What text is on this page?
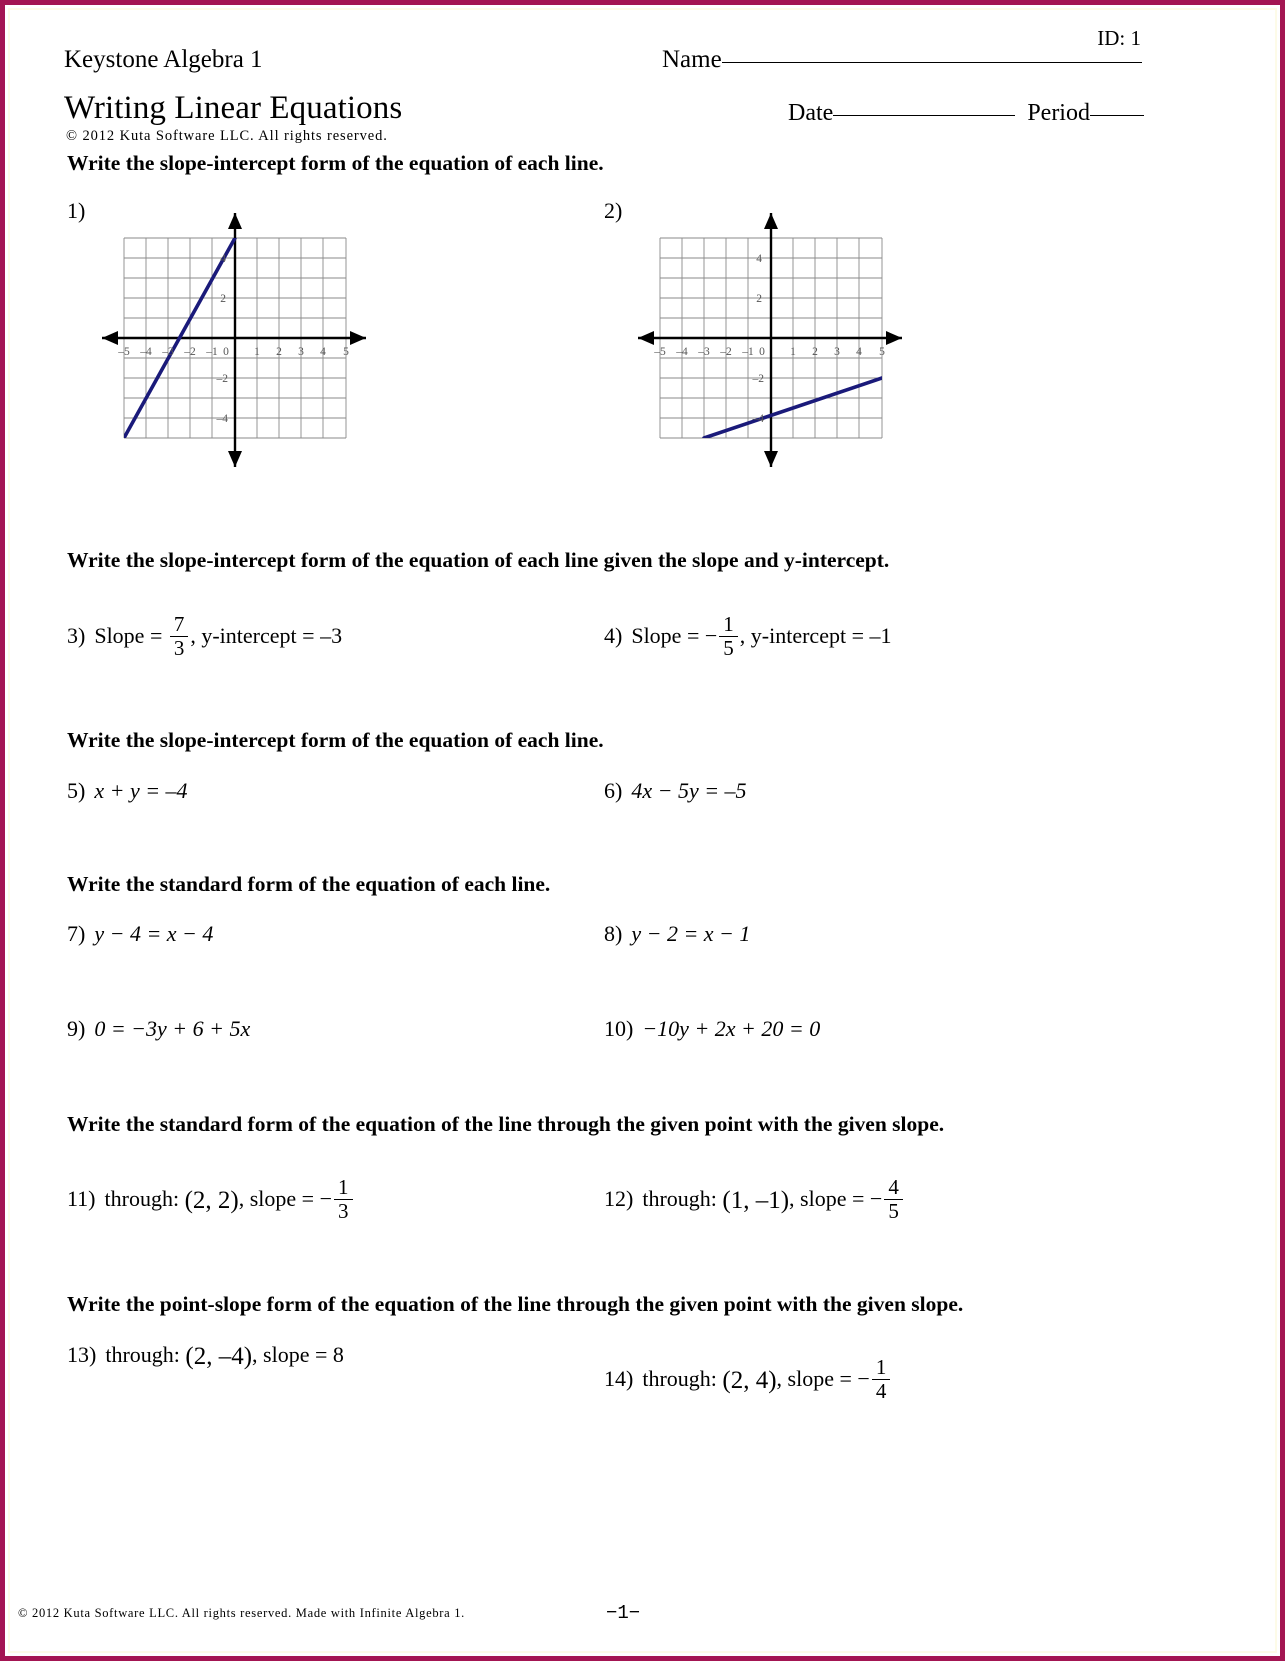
ID: 1
Keystone Algebra 1	Name
Writing Linear Equations
© 2012 Kuta Software LLC. All rights reserved.
Date	Period
Write the slope-intercept form of the equation of each line.
1)
–5 –4 –3 –2 –1 0 1 2 3 4 5
4
2
–2
–4
2)
–5 –4 –3 –2 –1 0 1 2 3 4 5
4
2
–2
–4
Write the slope-intercept form of the equation of each line given the slope and y-intercept.
3) Slope = $\frac{7}{3}$ , y-intercept = –3	4) Slope = − $\frac{1}{5}$ , y-intercept = –1
Write the slope-intercept form of the equation of each line.
5) x + y = –4	6) 4x − 5y = –5
Write the standard form of the equation of each line.
7) y − 4 = x − 4	8) y − 2 = x − 1
9) 0 = −3y + 6 + 5x	10) −10y + 2x + 20 = 0
Write the standard form of the equation of the line through the given point with the given slope.
11) through: (2, 2), slope = − $\frac{1}{3}$	12) through: (1, –1), slope = − $\frac{4}{5}$
Write the point-slope form of the equation of the line through the given point with the given slope.
13) through: (2, –4), slope = 8
14) through: (2, 4), slope = − $\frac{1}{4}$
© 2012 Kuta Software LLC. All rights reserved. Made with Infinite Algebra 1.	−1−
